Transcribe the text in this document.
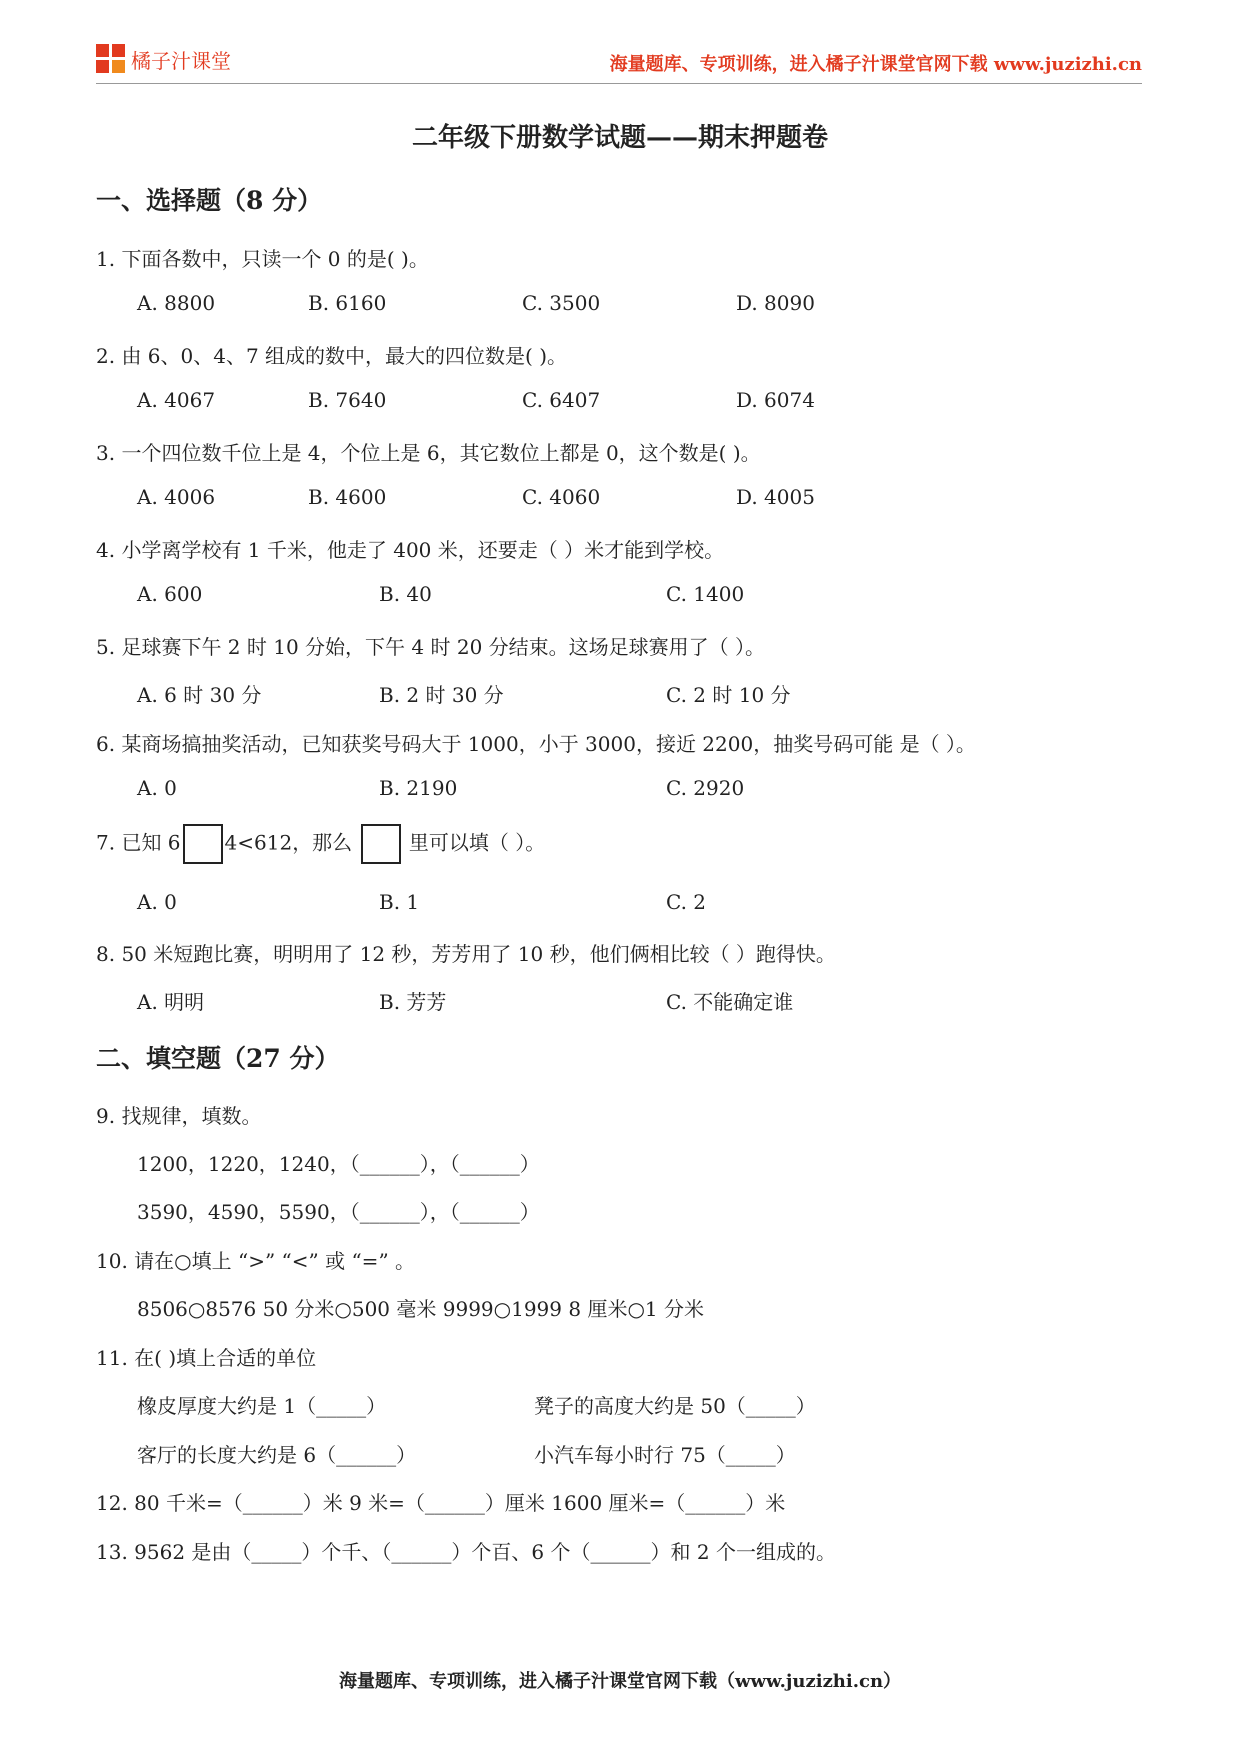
橘子汁课堂	海量题库、专项训练，进入橘子汁课堂官网下载 www.juzizhi.cn
二年级下册数学试题——期末押题卷
一、选择题（8 分）
1. 下面各数中，只读一个 0 的是( )。
A. 8800	B. 6160	C. 3500	D. 8090
2. 由 6、0、4、7 组成的数中，最大的四位数是( )。
A. 4067	B. 7640	C. 6407	D. 6074
3. 一个四位数千位上是 4，个位上是 6，其它数位上都是 0，这个数是( )。
A. 4006	B. 4600	C. 4060	D. 4005
4. 小学离学校有 1 千米，他走了 400 米，还要走（ ）米才能到学校。
A. 600	B. 40	C. 1400
5. 足球赛下午 2 时 10 分始，下午 4 时 20 分结束。这场足球赛用了（ ）。
A. 6 时 30 分	B. 2 时 30 分	C. 2 时 10 分
6. 某商场搞抽奖活动，已知获奖号码大于 1000，小于 3000，接近 2200，抽奖号码可能 是（ ）。
A. 0	B. 2190	C. 2920
7. 已知 6 4<612，那么	里可以填（ ）。
A. 0	B. 1	C. 2
8. 50 米短跑比赛，明明用了 12 秒，芳芳用了 10 秒，他们俩相比较（ ）跑得快。
A. 明明	B. 芳芳	C. 不能确定谁
二、填空题（27 分）
9. 找规律，填数。
1200，1220，1240，（______），（______）
3590，4590，5590，（______），（______）
10. 请在○填上 “>” “<” 或 “=” 。
8506○8576 50 分米○500 毫米 9999○1999 8 厘米○1 分米
11. 在( )填上合适的单位
橡皮厚度大约是 1（_____）	凳子的高度大约是 50（_____）
客厅的长度大约是 6（______）	小汽车每小时行 75（_____）
12. 80 千米=（______）米 9 米=（______）厘米 1600 厘米=（______）米
13. 9562 是由（_____）个千、（______）个百、6 个（______）和 2 个一组成的。
海量题库、专项训练，进入橘子汁课堂官网下载（www.juzizhi.cn）
